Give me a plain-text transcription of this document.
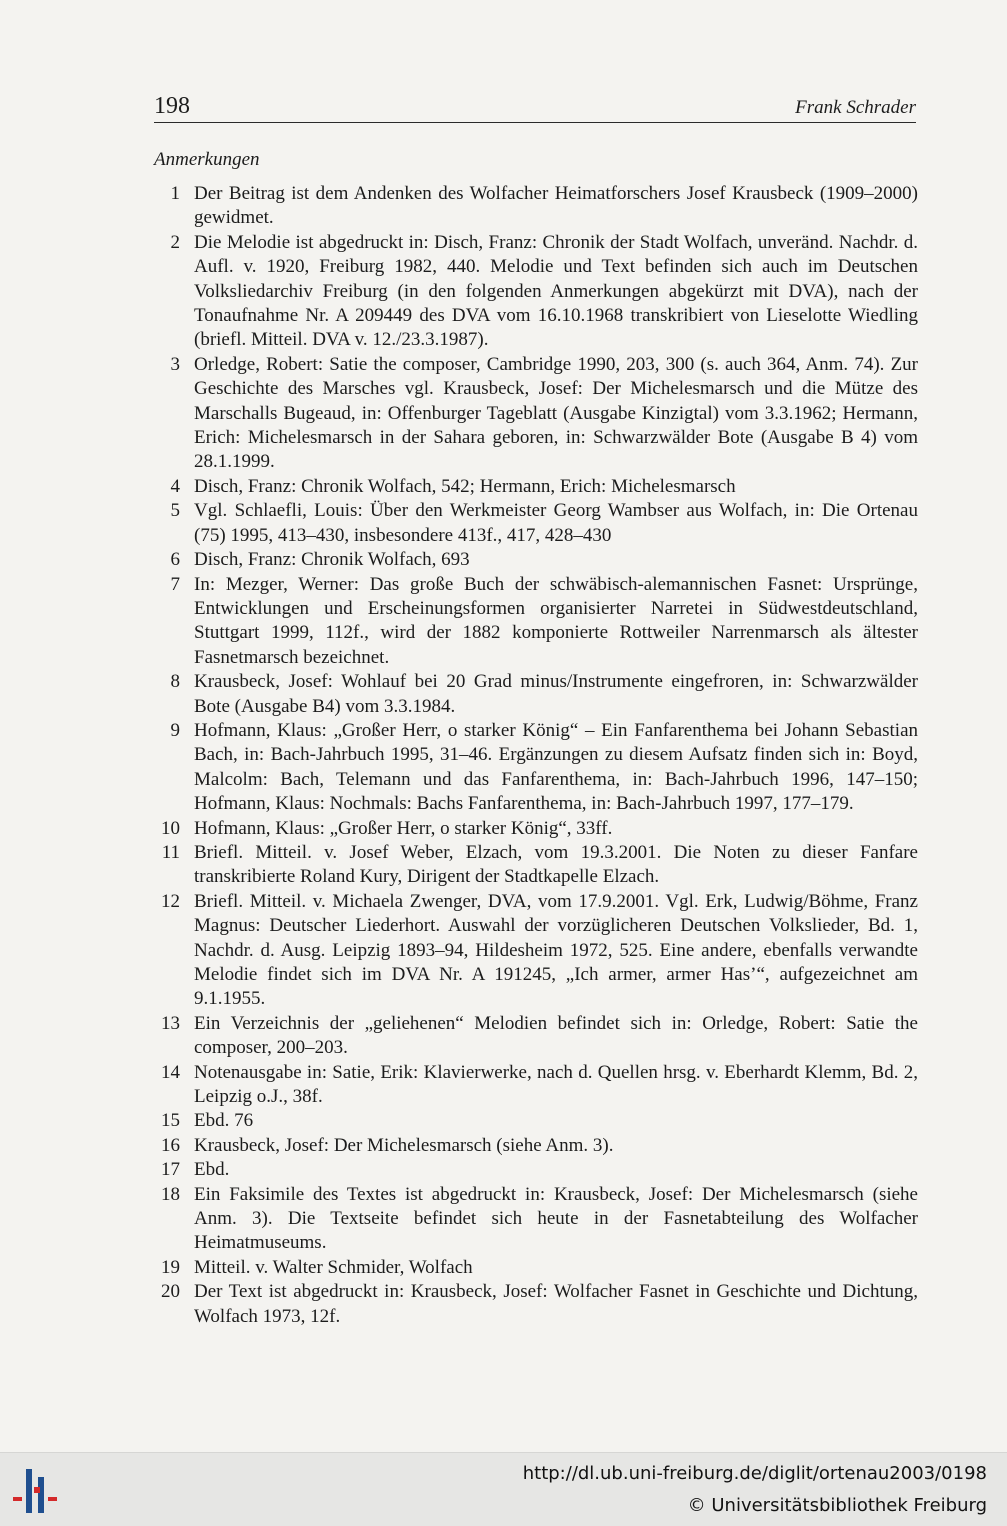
198	Frank Schrader
Anmerkungen
1 Der Beitrag ist dem Andenken des Wolfacher Heimatforschers Josef Krausbeck (1909–2000) gewidmet.
2 Die Melodie ist abgedruckt in: Disch, Franz: Chronik der Stadt Wolfach, unveränd. Nachdr. d. Aufl. v. 1920, Freiburg 1982, 440. Melodie und Text befinden sich auch im Deutschen Volksliedarchiv Freiburg (in den folgenden Anmerkungen abgekürzt mit DVA), nach der Tonaufnahme Nr. A 209449 des DVA vom 16.10.1968 transkribiert von Lieselotte Wiedling (briefl. Mitteil. DVA v. 12./23.3.1987).
3 Orledge, Robert: Satie the composer, Cambridge 1990, 203, 300 (s. auch 364, Anm. 74). Zur Geschichte des Marsches vgl. Krausbeck, Josef: Der Michelesmarsch und die Mütze des Marschalls Bugeaud, in: Offenburger Tageblatt (Ausgabe Kinzigtal) vom 3.3.1962; Hermann, Erich: Michelesmarsch in der Sahara geboren, in: Schwarzwälder Bote (Ausgabe B 4) vom 28.1.1999.
4 Disch, Franz: Chronik Wolfach, 542; Hermann, Erich: Michelesmarsch
5 Vgl. Schlaefli, Louis: Über den Werkmeister Georg Wambser aus Wolfach, in: Die Ortenau (75) 1995, 413–430, insbesondere 413f., 417, 428–430
6 Disch, Franz: Chronik Wolfach, 693
7 In: Mezger, Werner: Das große Buch der schwäbisch-alemannischen Fasnet: Ursprünge, Entwicklungen und Erscheinungsformen organisierter Narretei in Südwestdeutschland, Stuttgart 1999, 112f., wird der 1882 komponierte Rottweiler Narrenmarsch als ältester Fasnetmarsch bezeichnet.
8 Krausbeck, Josef: Wohlauf bei 20 Grad minus/Instrumente eingefroren, in: Schwarzwälder Bote (Ausgabe B4) vom 3.3.1984.
9 Hofmann, Klaus: „Großer Herr, o starker König“ – Ein Fanfarenthema bei Johann Sebastian Bach, in: Bach-Jahrbuch 1995, 31–46. Ergänzungen zu diesem Aufsatz finden sich in: Boyd, Malcolm: Bach, Telemann und das Fanfarenthema, in: Bach-Jahrbuch 1996, 147–150; Hofmann, Klaus: Nochmals: Bachs Fanfarenthema, in: Bach-Jahrbuch 1997, 177–179.
10 Hofmann, Klaus: „Großer Herr, o starker König“, 33ff.
11 Briefl. Mitteil. v. Josef Weber, Elzach, vom 19.3.2001. Die Noten zu dieser Fanfare transkribierte Roland Kury, Dirigent der Stadtkapelle Elzach.
12 Briefl. Mitteil. v. Michaela Zwenger, DVA, vom 17.9.2001. Vgl. Erk, Ludwig/Böhme, Franz Magnus: Deutscher Liederhort. Auswahl der vorzüglicheren Deutschen Volkslieder, Bd. 1, Nachdr. d. Ausg. Leipzig 1893–94, Hildesheim 1972, 525. Eine andere, ebenfalls verwandte Melodie findet sich im DVA Nr. A 191245, „Ich armer, armer Has’“, aufgezeichnet am 9.1.1955.
13 Ein Verzeichnis der „geliehenen“ Melodien befindet sich in: Orledge, Robert: Satie the composer, 200–203.
14 Notenausgabe in: Satie, Erik: Klavierwerke, nach d. Quellen hrsg. v. Eberhardt Klemm, Bd. 2, Leipzig o.J., 38f.
15 Ebd. 76
16 Krausbeck, Josef: Der Michelesmarsch (siehe Anm. 3).
17 Ebd.
18 Ein Faksimile des Textes ist abgedruckt in: Krausbeck, Josef: Der Michelesmarsch (siehe Anm. 3). Die Textseite befindet sich heute in der Fasnetabteilung des Wolfacher Heimatmuseums.
19 Mitteil. v. Walter Schmider, Wolfach
20 Der Text ist abgedruckt in: Krausbeck, Josef: Wolfacher Fasnet in Geschichte und Dichtung, Wolfach 1973, 12f.
http://dl.ub.uni-freiburg.de/diglit/ortenau2003/0198
© Universitätsbibliothek Freiburg
